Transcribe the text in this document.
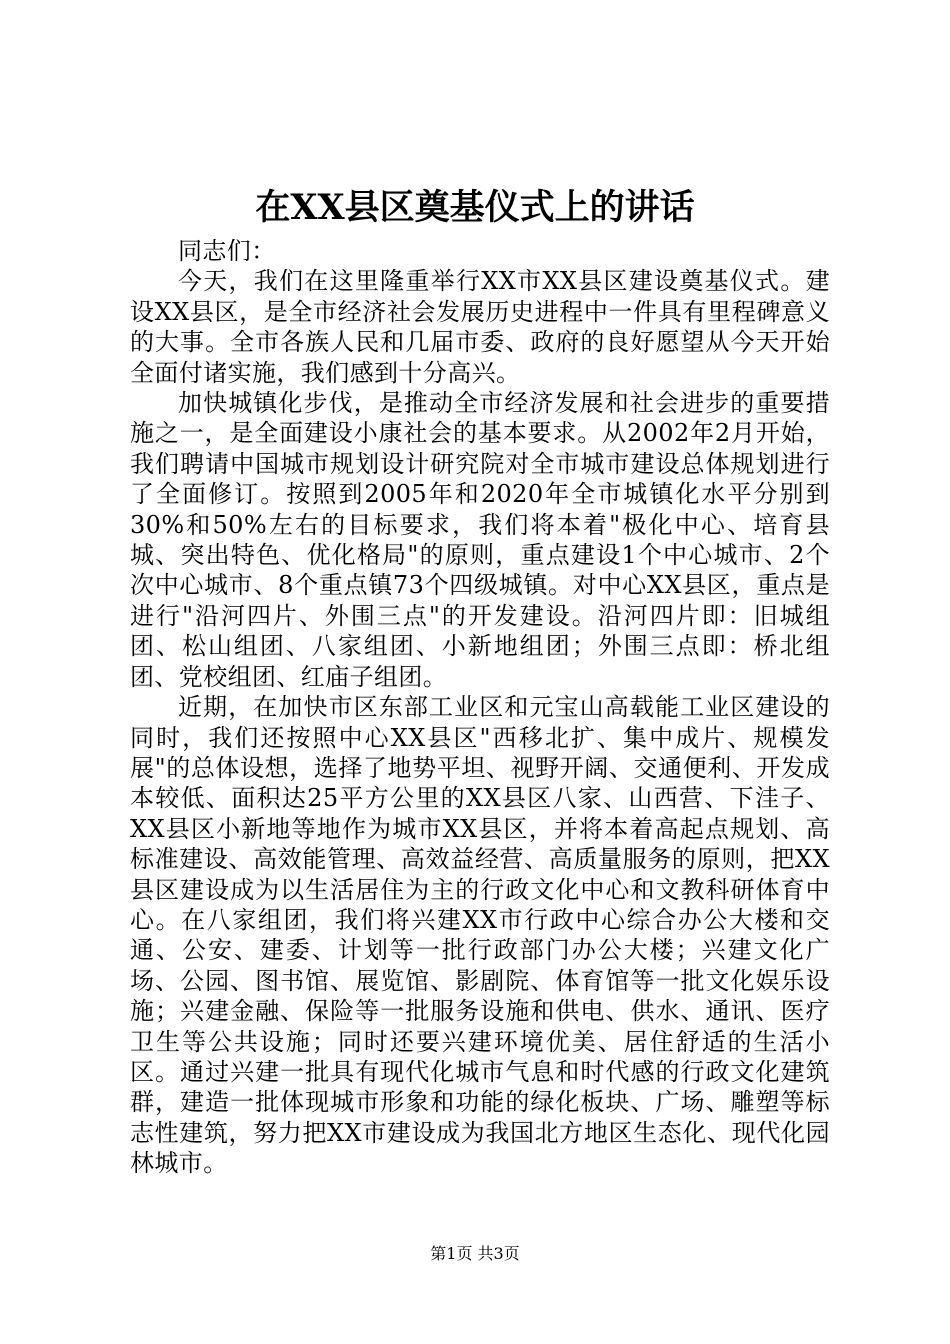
在XX县区奠基仪式上的讲话

同志们：

今天，我们在这里隆重举行XX市XX县区建设奠基仪式。建设XX县区，是全市经济社会发展历史进程中一件具有里程碑意义的大事。全市各族人民和几届市委、政府的良好愿望从今天开始全面付诸实施，我们感到十分高兴。

加快城镇化步伐，是推动全市经济发展和社会进步的重要措施之一，是全面建设小康社会的基本要求。从2002年2月开始，我们聘请中国城市规划设计研究院对全市城市建设总体规划进行了全面修订。按照到2005年和2020年全市城镇化水平分别到30%和50%左右的目标要求，我们将本着"极化中心、培育县城、突出特色、优化格局"的原则，重点建设1个中心城市、2个次中心城市、8个重点镇73个四级城镇。对中心XX县区，重点是进行"沿河四片、外围三点"的开发建设。沿河四片即：旧城组团、松山组团、八家组团、小新地组团；外围三点即：桥北组团、党校组团、红庙子组团。

近期，在加快市区东部工业区和元宝山高载能工业区建设的同时，我们还按照中心XX县区"西移北扩、集中成片、规模发展"的总体设想，选择了地势平坦、视野开阔、交通便利、开发成本较低、面积达25平方公里的XX县区八家、山西营、下洼子、XX县区小新地等地作为城市XX县区，并将本着高起点规划、高标准建设、高效能管理、高效益经营、高质量服务的原则，把XX县区建设成为以生活居住为主的行政文化中心和文教科研体育中心。在八家组团，我们将兴建XX市行政中心综合办公大楼和交通、公安、建委、计划等一批行政部门办公大楼；兴建文化广场、公园、图书馆、展览馆、影剧院、体育馆等一批文化娱乐设施；兴建金融、保险等一批服务设施和供电、供水、通讯、医疗卫生等公共设施；同时还要兴建环境优美、居住舒适的生活小区。通过兴建一批具有现代化城市气息和时代感的行政文化建筑群，建造一批体现城市形象和功能的绿化板块、广场、雕塑等标志性建筑，努力把XX市建设成为我国北方地区生态化、现代化园林城市。

第1页 共3页
